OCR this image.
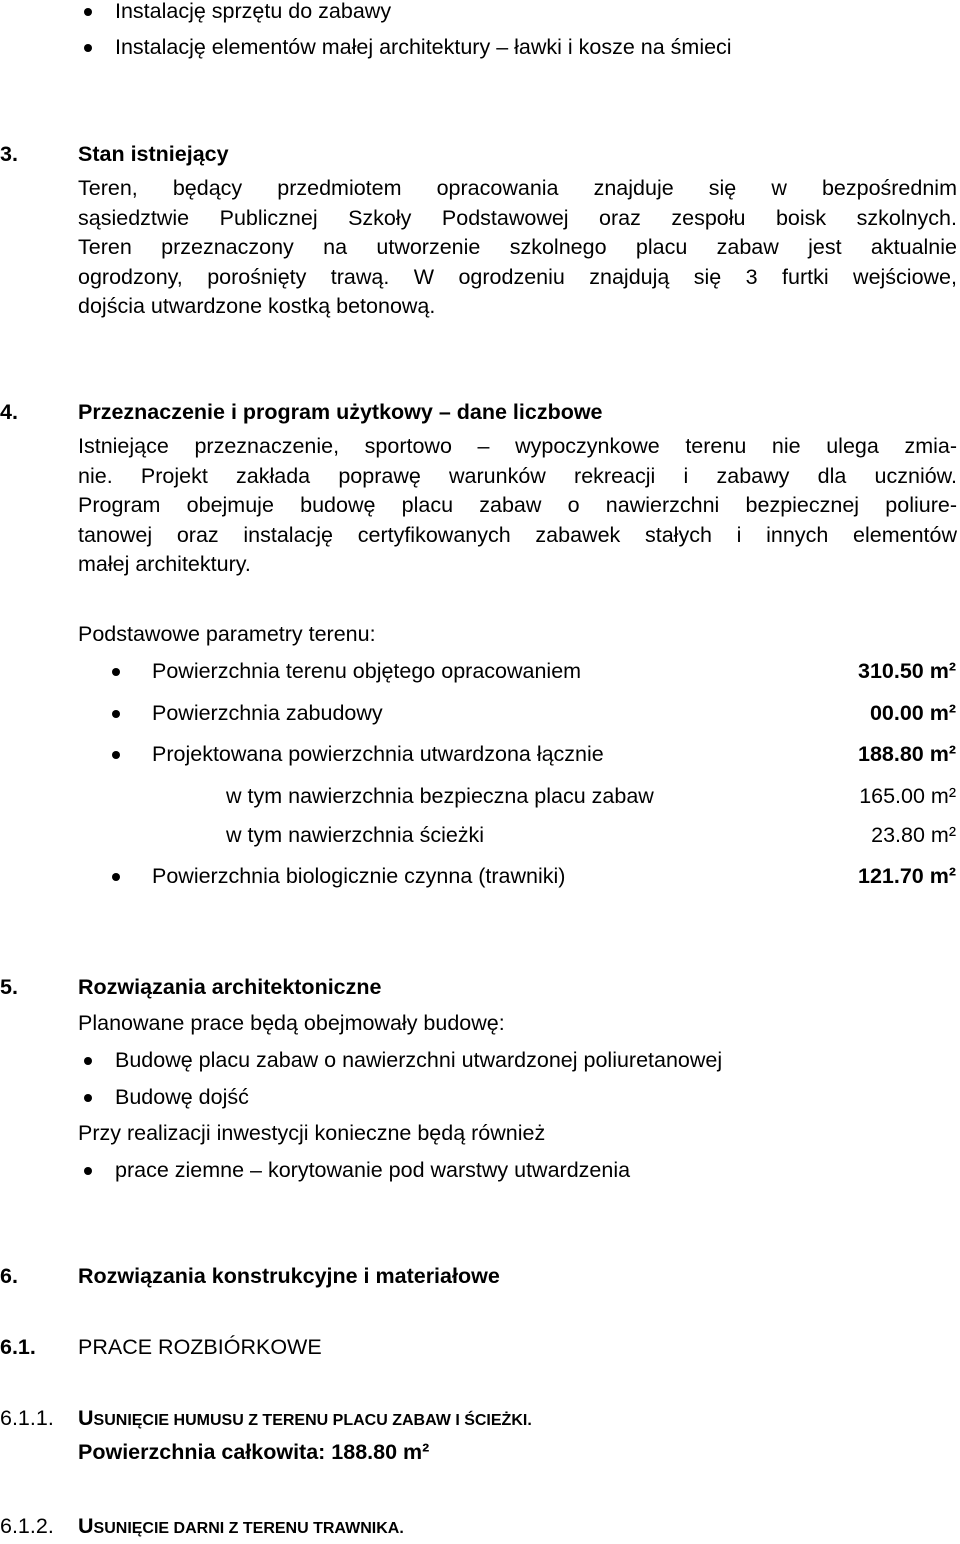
Instalację sprzętu do zabawy
Instalację elementów małej architektury – ławki i kosze na śmieci
3.	Stan istniejący
Teren, będący przedmiotem opracowania znajduje się w bezpośrednim
sąsiedztwie Publicznej Szkoły Podstawowej oraz zespołu boisk szkolnych.
Teren przeznaczony na utworzenie szkolnego placu zabaw jest aktualnie
ogrodzony, porośnięty trawą. W ogrodzeniu znajdują się 3 furtki wejściowe,
dojścia utwardzone kostką betonową.
4.	Przeznaczenie i program użytkowy – dane liczbowe
Istniejące przeznaczenie, sportowo – wypoczynkowe terenu nie ulega zmia-
nie. Projekt zakłada poprawę warunków rekreacji i zabawy dla uczniów.
Program obejmuje budowę placu zabaw o nawierzchni bezpiecznej poliure-
tanowej oraz instalację certyfikowanych zabawek stałych i innych elementów
małej architektury.
Podstawowe parametry terenu:
Powierzchnia terenu objętego opracowaniem	310.50 m²
Powierzchnia zabudowy	00.00 m²
Projektowana powierzchnia utwardzona łącznie	188.80 m²
w tym nawierzchnia bezpieczna placu zabaw	165.00 m²
w tym nawierzchnia ścieżki	23.80 m²
Powierzchnia biologicznie czynna (trawniki)	121.70 m²
5.	Rozwiązania architektoniczne
Planowane prace będą obejmowały budowę:
Budowę placu zabaw o nawierzchni utwardzonej poliuretanowej
Budowę dojść
Przy realizacji inwestycji konieczne będą również
prace ziemne – korytowanie pod warstwy utwardzenia
6.	Rozwiązania konstrukcyjne i materiałowe
6.1. PRACE ROZBIÓRKOWE
6.1.1. USUNIĘCIE HUMUSU Z TERENU PLACU ZABAW I ŚCIEŻKI.
Powierzchnia całkowita: 188.80 m²
6.1.2. USUNIĘCIE DARNI Z TERENU TRAWNIKA.
